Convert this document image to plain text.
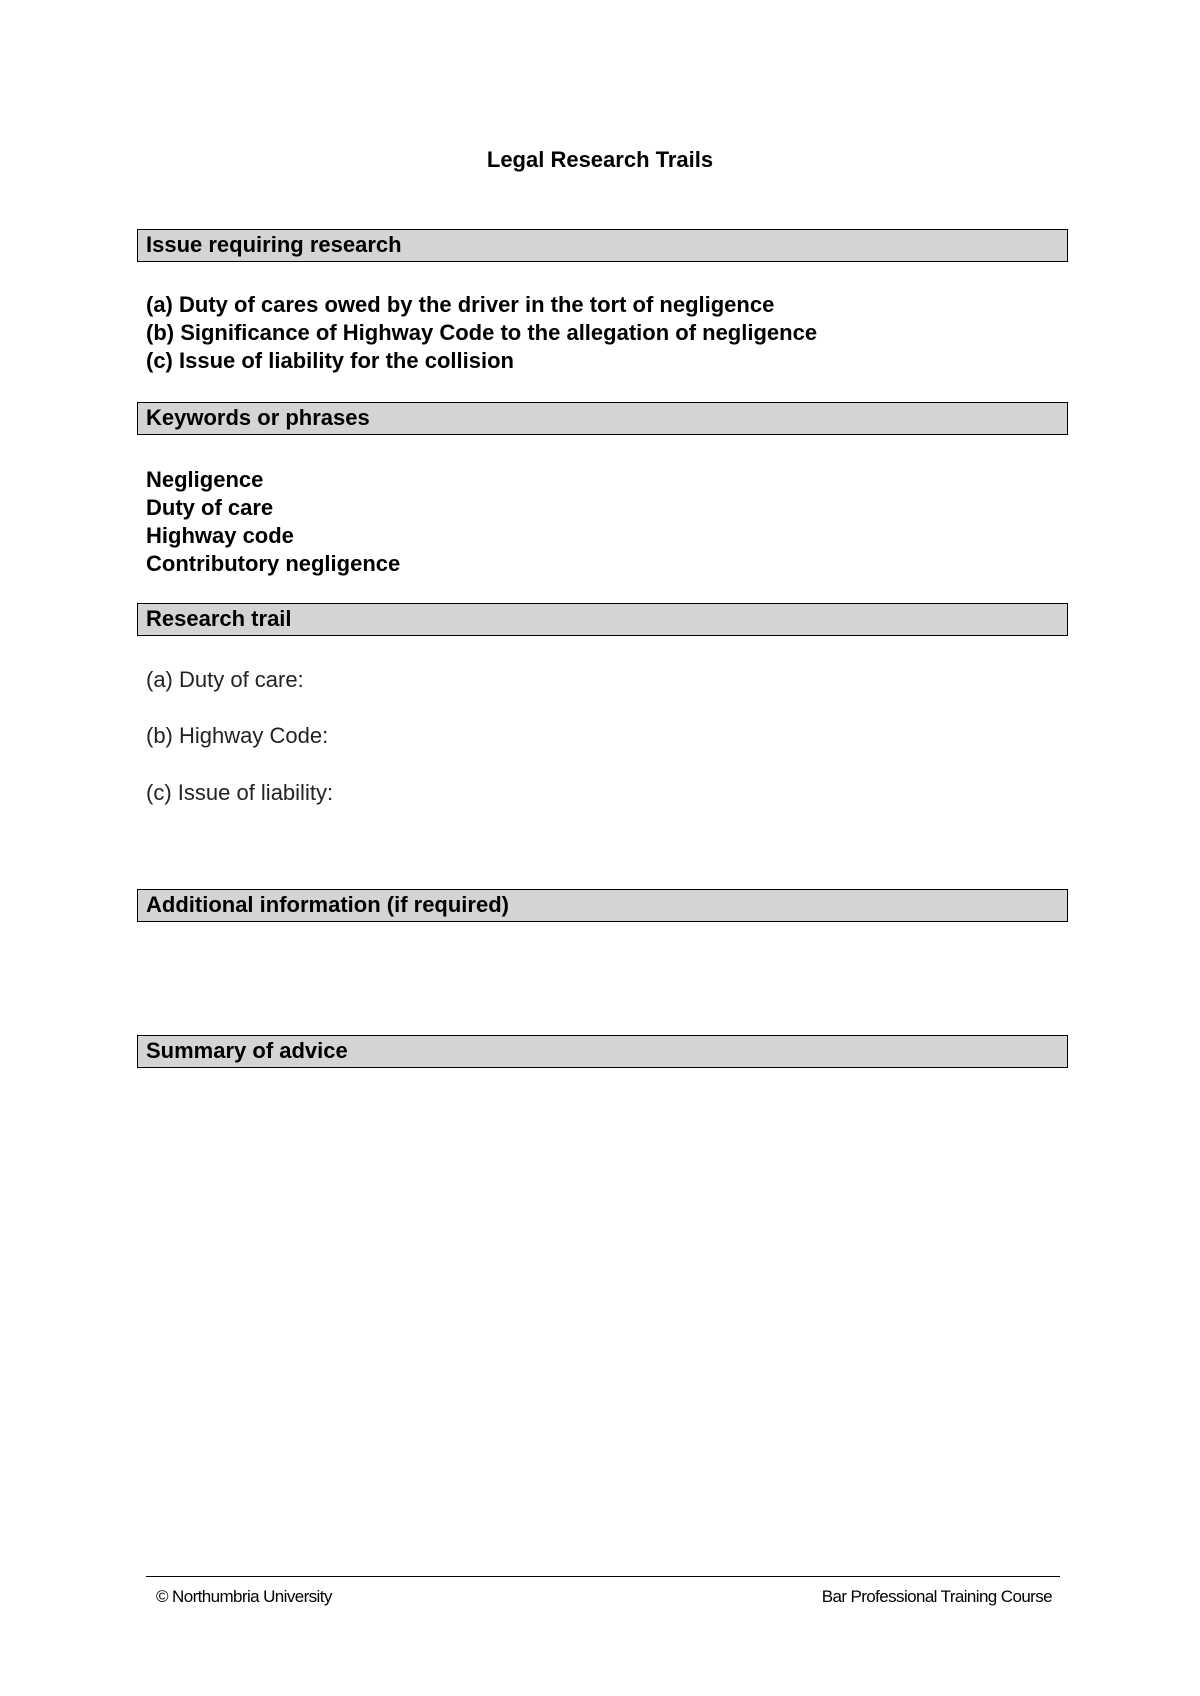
Legal Research Trails
Issue requiring research
(a) Duty of cares owed by the driver in the tort of negligence
(b) Significance of Highway Code to the allegation of negligence
(c) Issue of liability for the collision
Keywords or phrases
Negligence
Duty of care
Highway code
Contributory negligence
Research trail
(a) Duty of care:
(b) Highway Code:
(c) Issue of liability:
Additional information (if required)
Summary of advice
© Northumbria University	Bar Professional Training Course
